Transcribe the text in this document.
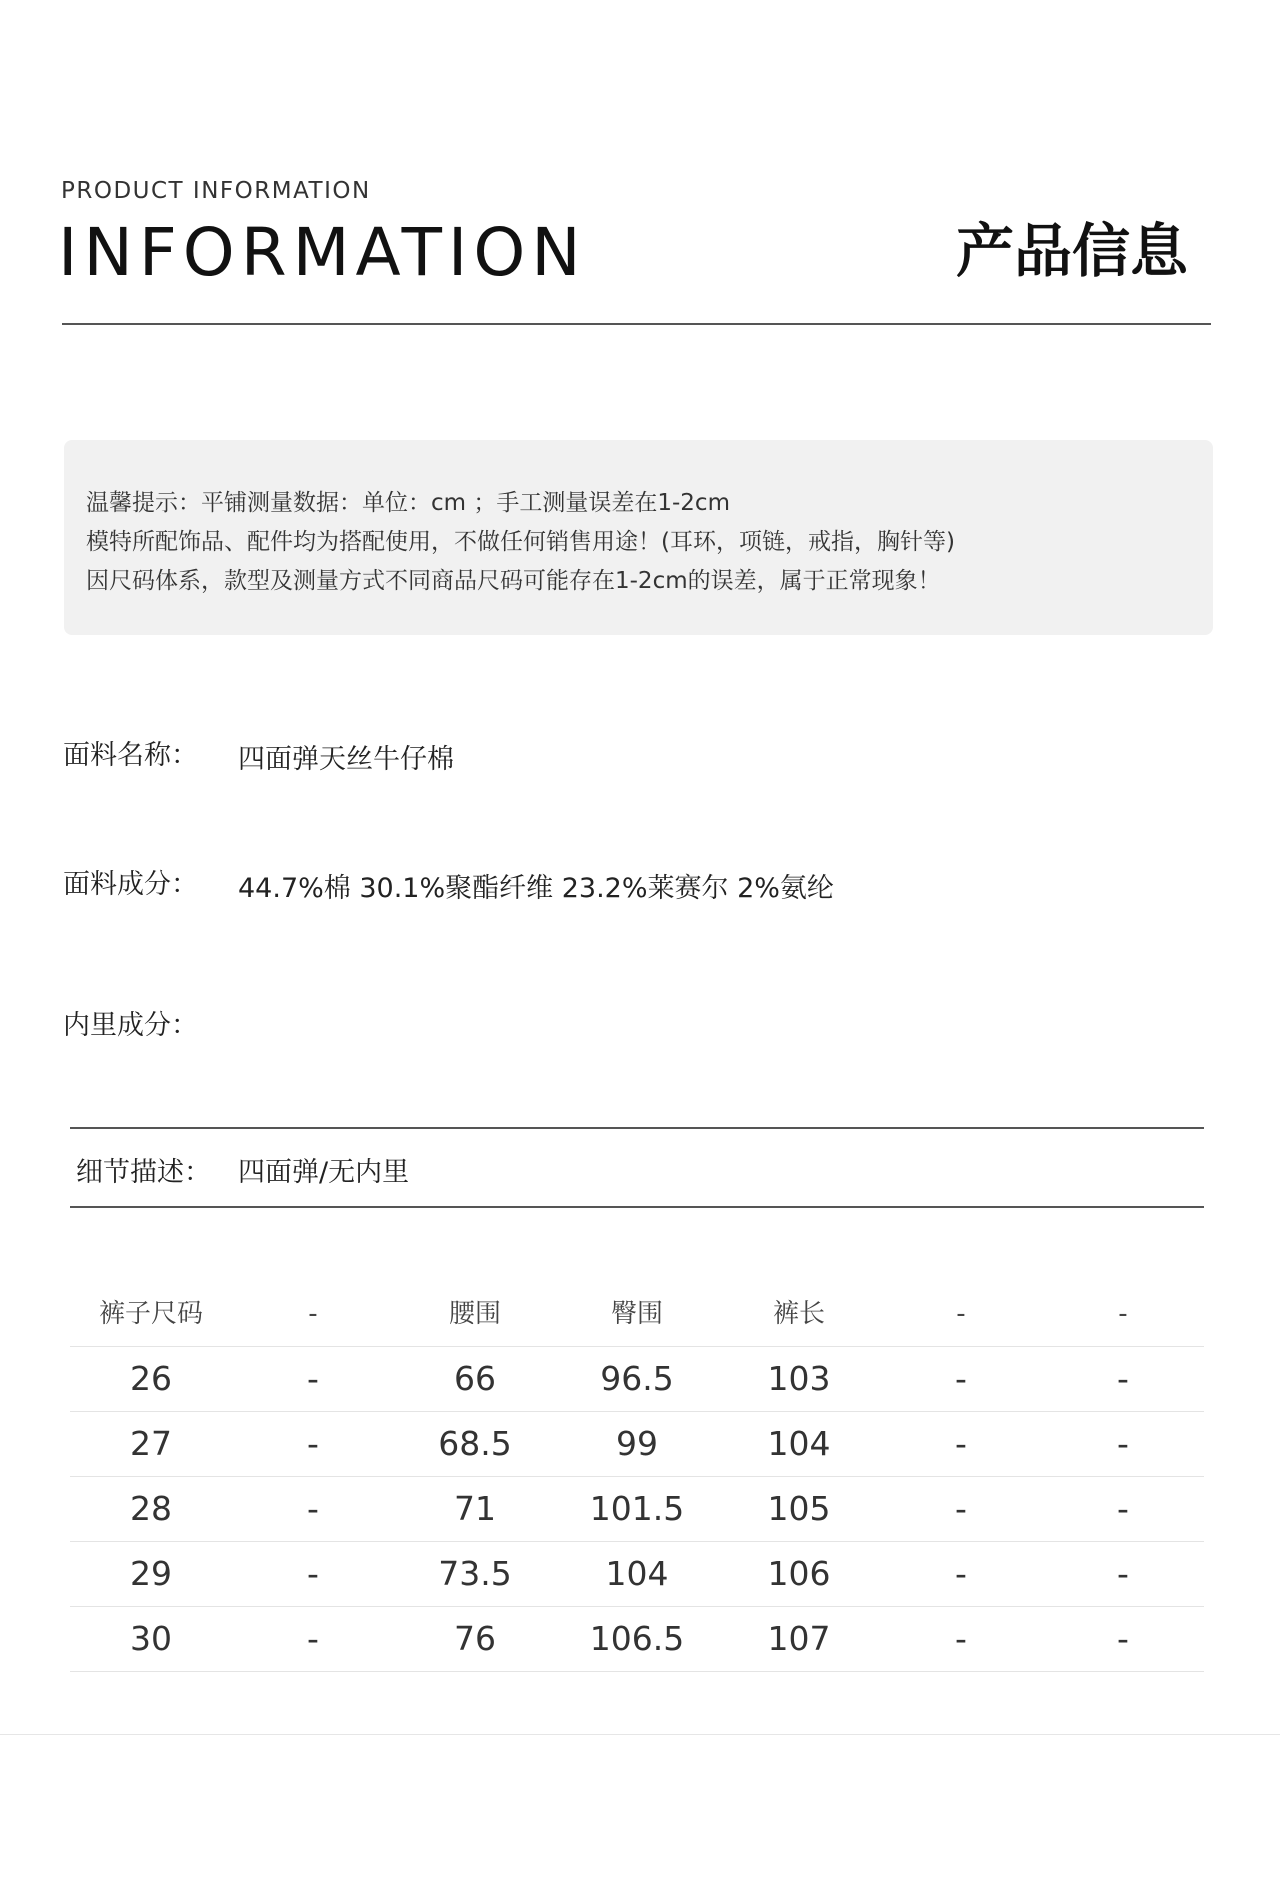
PRODUCT INFORMATION
INFORMATION	产品信息
温馨提示：平铺测量数据：单位：cm ；手工测量误差在1-2cm
模特所配饰品、配件均为搭配使用，不做任何销售用途！(耳环，项链，戒指，胸针等)
因尺码体系，款型及测量方式不同商品尺码可能存在1-2cm的误差，属于正常现象！
面料名称： 四面弹天丝牛仔棉
面料成分： 44.7%棉 30.1%聚酯纤维 23.2%莱赛尔 2%氨纶
内里成分：
细节描述： 四面弹/无内里
裤子尺码	-	腰围	臀围	裤长	-	-
26	-	66	96.5	103	-	-
27	-	68.5	99	104	-	-
28	-	71	101.5	105	-	-
29	-	73.5	104	106	-	-
30	-	76	106.5	107	-	-
